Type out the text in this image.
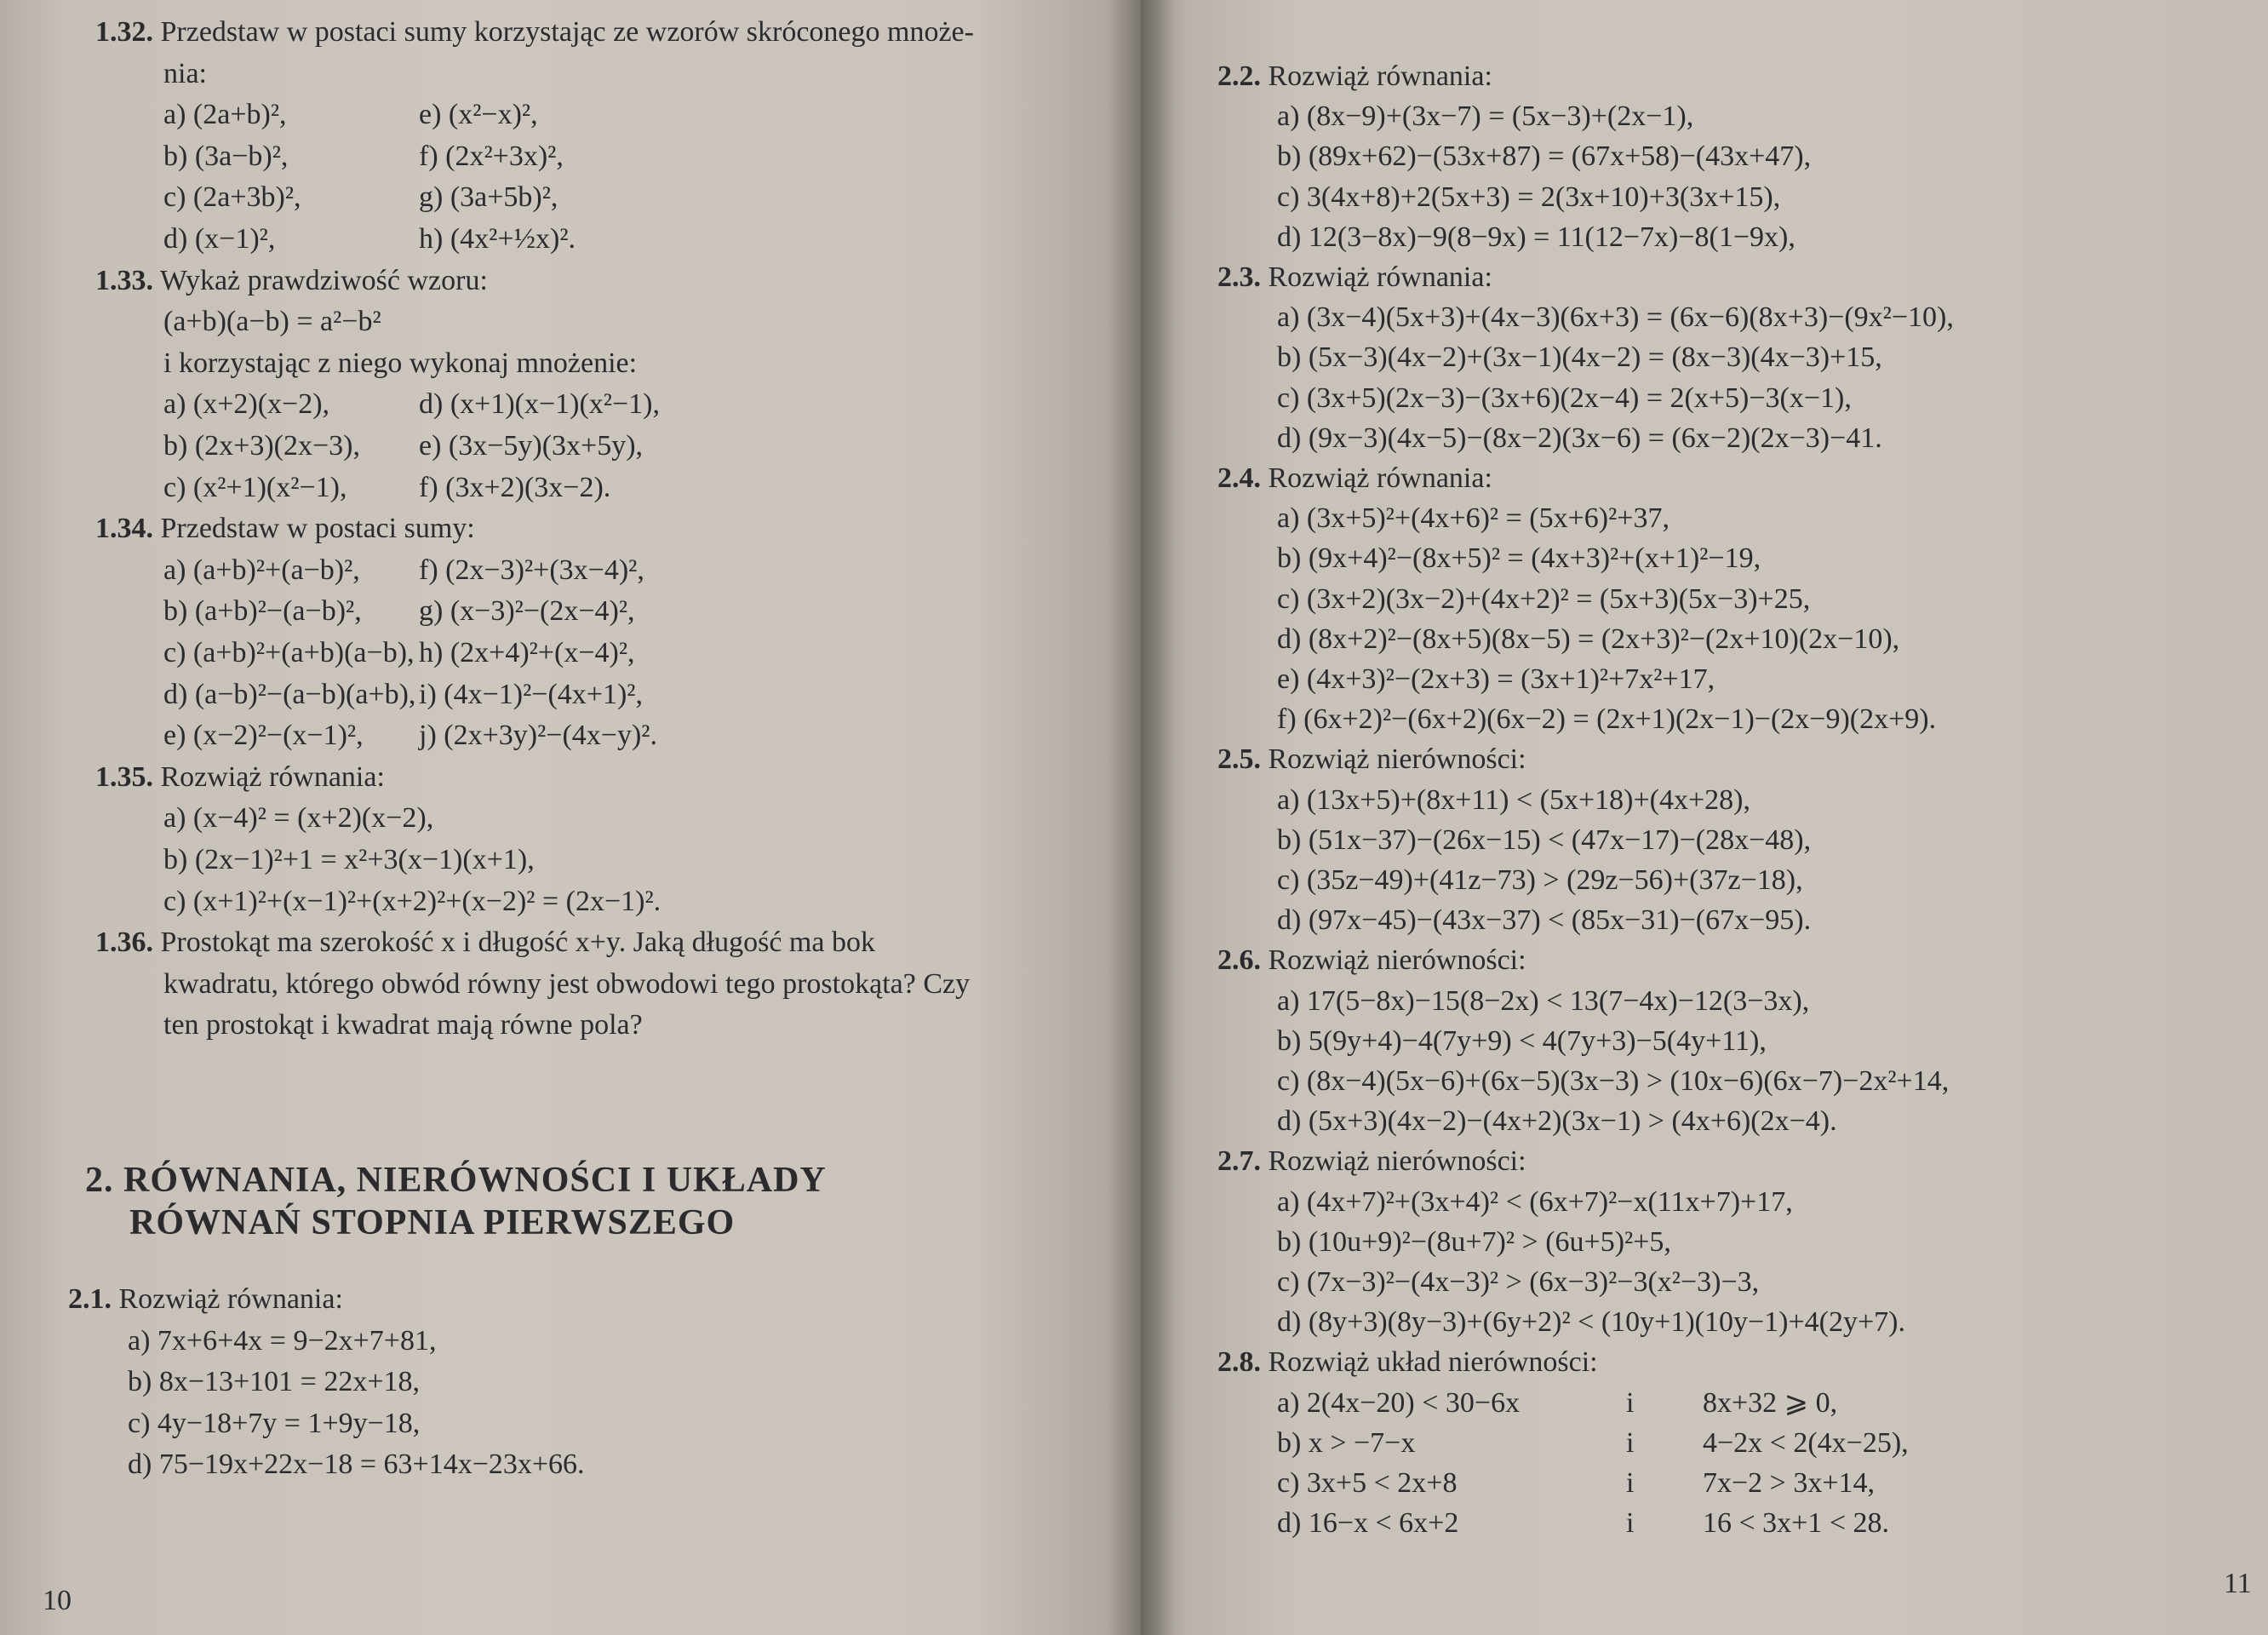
1.32. Przedstaw w postaci sumy korzystając ze wzorów skróconego mnoże-
nia:
a) (2a+b)²,	e) (x²−x)²,
b) (3a−b)²,	f) (2x²+3x)²,
c) (2a+3b)²,	g) (3a+5b)²,
d) (x−1)²,	h) (4x²+½x)².
1.33. Wykaż prawdziwość wzoru:
(a+b)(a−b) = a²−b²
i korzystając z niego wykonaj mnożenie:
a) (x+2)(x−2),	d) (x+1)(x−1)(x²−1),
b) (2x+3)(2x−3), e) (3x−5y)(3x+5y),
c) (x²+1)(x²−1), f) (3x+2)(3x−2).
1.34. Przedstaw w postaci sumy:
a) (a+b)²+(a−b)², f) (2x−3)²+(3x−4)²,
b) (a+b)²−(a−b)², g) (x−3)²−(2x−4)²,
c) (a+b)²+(a+b)(a−b), h) (2x+4)²+(x−4)²,
d) (a−b)²−(a−b)(a+b), i) (4x−1)²−(4x+1)²,
e) (x−2)²−(x−1)², j) (2x+3y)²−(4x−y)².
1.35. Rozwiąż równania:
a) (x−4)² = (x+2)(x−2),
b) (2x−1)²+1 = x²+3(x−1)(x+1),
c) (x+1)²+(x−1)²+(x+2)²+(x−2)² = (2x−1)².
1.36. Prostokąt ma szerokość x i długość x+y. Jaką długość ma bok
kwadratu, którego obwód równy jest obwodowi tego prostokąta? Czy
ten prostokąt i kwadrat mają równe pola?
2.1. Rozwiąż równania:
a) 7x+6+4x = 9−2x+7+81,
b) 8x−13+101 = 22x+18,
c) 4y−18+7y = 1+9y−18,
d) 75−19x+22x−18 = 63+14x−23x+66.
2.2. Rozwiąż równania:
a) (8x−9)+(3x−7) = (5x−3)+(2x−1),
b) (89x+62)−(53x+87) = (67x+58)−(43x+47),
c) 3(4x+8)+2(5x+3) = 2(3x+10)+3(3x+15),
d) 12(3−8x)−9(8−9x) = 11(12−7x)−8(1−9x),
2.3. Rozwiąż równania:
a) (3x−4)(5x+3)+(4x−3)(6x+3) = (6x−6)(8x+3)−(9x²−10),
b) (5x−3)(4x−2)+(3x−1)(4x−2) = (8x−3)(4x−3)+15,
c) (3x+5)(2x−3)−(3x+6)(2x−4) = 2(x+5)−3(x−1),
d) (9x−3)(4x−5)−(8x−2)(3x−6) = (6x−2)(2x−3)−41.
2.4. Rozwiąż równania:
a) (3x+5)²+(4x+6)² = (5x+6)²+37,
b) (9x+4)²−(8x+5)² = (4x+3)²+(x+1)²−19,
c) (3x+2)(3x−2)+(4x+2)² = (5x+3)(5x−3)+25,
d) (8x+2)²−(8x+5)(8x−5) = (2x+3)²−(2x+10)(2x−10),
e) (4x+3)²−(2x+3) = (3x+1)²+7x²+17,
f) (6x+2)²−(6x+2)(6x−2) = (2x+1)(2x−1)−(2x−9)(2x+9).
2.5. Rozwiąż nierówności:
a) (13x+5)+(8x+11) < (5x+18)+(4x+28),
b) (51x−37)−(26x−15) < (47x−17)−(28x−48),
c) (35z−49)+(41z−73) > (29z−56)+(37z−18),
d) (97x−45)−(43x−37) < (85x−31)−(67x−95).
2.6. Rozwiąż nierówności:
a) 17(5−8x)−15(8−2x) < 13(7−4x)−12(3−3x),
b) 5(9y+4)−4(7y+9) < 4(7y+3)−5(4y+11),
c) (8x−4)(5x−6)+(6x−5)(3x−3) > (10x−6)(6x−7)−2x²+14,
d) (5x+3)(4x−2)−(4x+2)(3x−1) > (4x+6)(2x−4).
2.7. Rozwiąż nierówności:
a) (4x+7)²+(3x+4)² < (6x+7)²−x(11x+7)+17,
b) (10u+9)²−(8u+7)² > (6u+5)²+5,
c) (7x−3)²−(4x−3)² > (6x−3)²−3(x²−3)−3,
d) (8y+3)(8y−3)+(6y+2)² < (10y+1)(10y−1)+4(2y+7).
2.8. Rozwiąż układ nierówności:
a) 2(4x−20) < 30−6x	i 8x+32 ⩾ 0,
b) x > −7−x	i 4−2x < 2(4x−25),
c) 3x+5 < 2x+8	i 7x−2 > 3x+14,
d) 16−x < 6x+2	i 16 < 3x+1 < 28.
2. RÓWNANIA, NIERÓWNOŚCI I UKŁADY
RÓWNAŃ STOPNIA PIERWSZEGO
10
11
